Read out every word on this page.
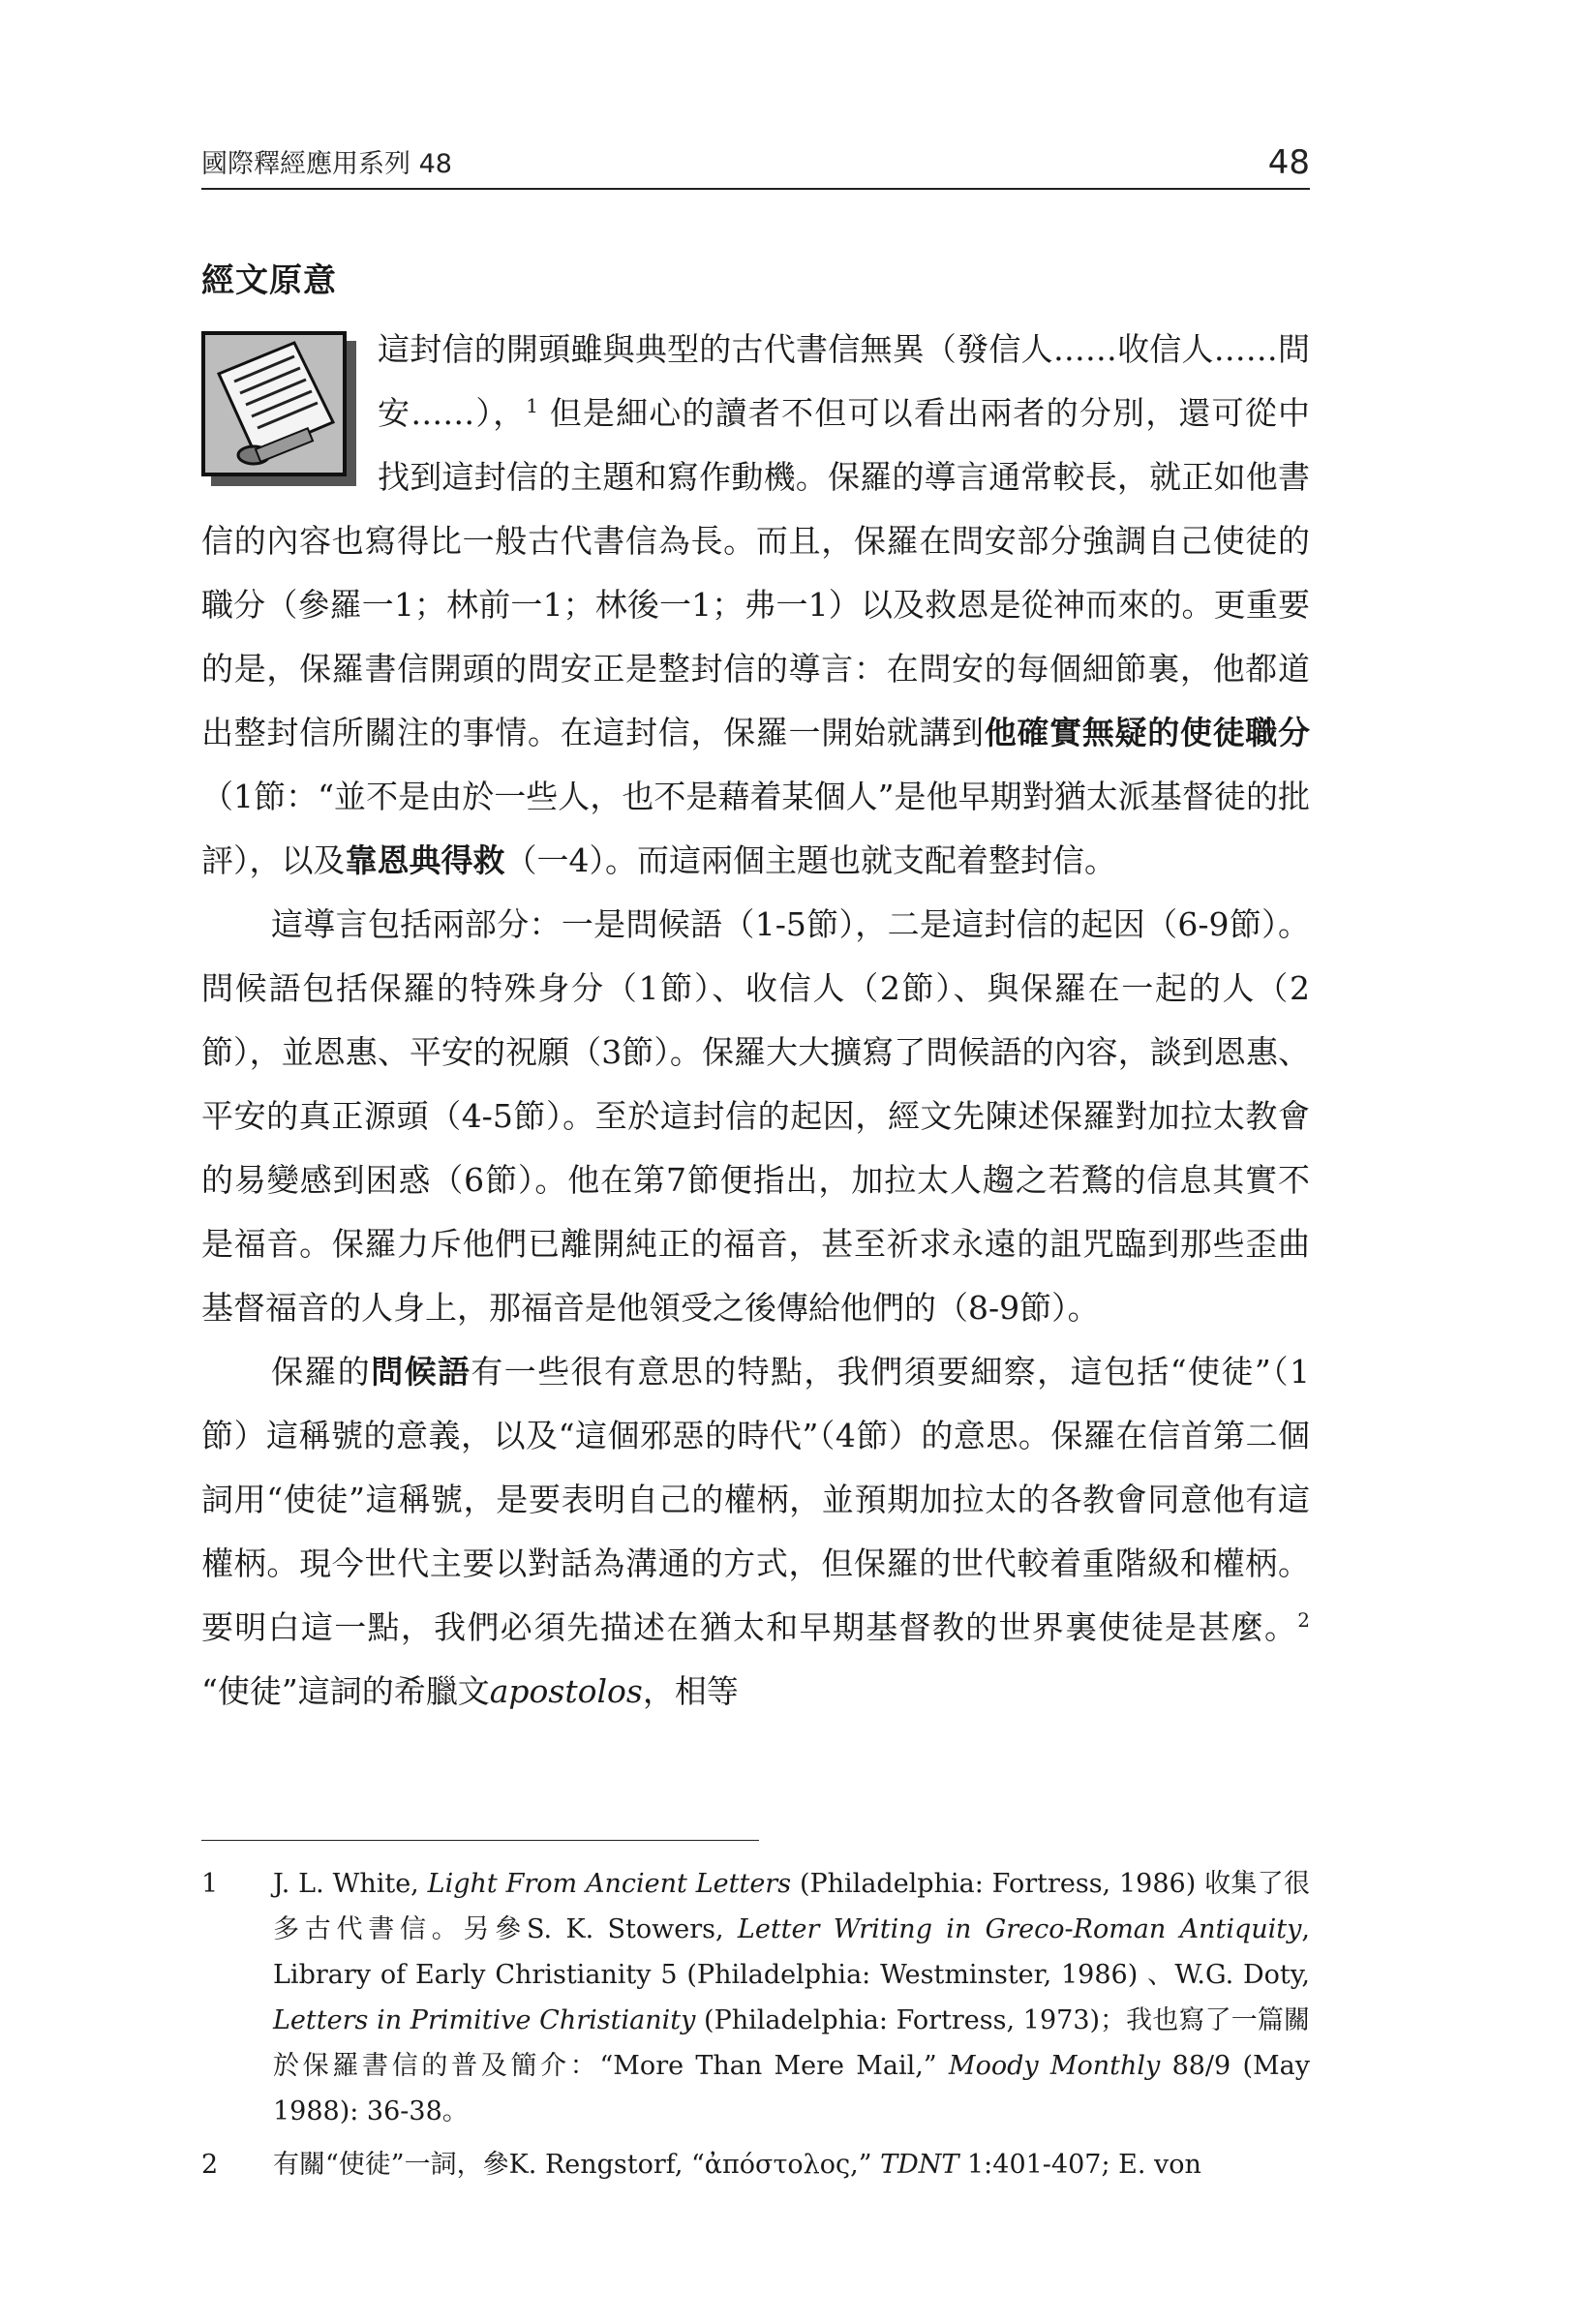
國際釋經應用系列 48	48
經文原意

這封信的開頭雖與典型的古代書信無異（發信人……收信人……問安……），$^1$ 但是細心的讀者不但可以看出兩者的分別，還可從中找到這封信的主題和寫作動機。保羅的導言通常較長，就正如他書信的內容也寫得比一般古代書信為長。而且，保羅在問安部分強調自己使徒的職分（參羅一1；林前一1；林後一1；弗一1）以及救恩是從神而來的。更重要的是，保羅書信開頭的問安正是整封信的導言：在問安的每個細節裏，他都道出整封信所關注的事情。在這封信，保羅一開始就講到他確實無疑的使徒職分（1節：“並不是由於一些人，也不是藉着某個人”是他早期對猶太派基督徒的批評），以及靠恩典得救（一4）。而這兩個主題也就支配着整封信。

這導言包括兩部分：一是問候語（1-5節），二是這封信的起因（6-9節）。問候語包括保羅的特殊身分（1節）、收信人（2節）、與保羅在一起的人（2節），並恩惠、平安的祝願（3節）。保羅大大擴寫了問候語的內容，談到恩惠、平安的真正源頭（4-5節）。至於這封信的起因，經文先陳述保羅對加拉太教會的易變感到困惑（6節）。他在第7節便指出，加拉太人趨之若鶩的信息其實不是福音。保羅力斥他們已離開純正的福音，甚至祈求永遠的詛咒臨到那些歪曲基督福音的人身上，那福音是他領受之後傳給他們的（8-9節）。

保羅的問候語有一些很有意思的特點，我們須要細察，這包括“使徒”（1節）這稱號的意義，以及“這個邪惡的時代”（4節）的意思。保羅在信首第二個詞用“使徒”這稱號，是要表明自己的權柄，並預期加拉太的各教會同意他有這權柄。現今世代主要以對話為溝通的方式，但保羅的世代較着重階級和權柄。要明白這一點，我們必須先描述在猶太和早期基督教的世界裏使徒是甚麼。$^2$ “使徒”這詞的希臘文apostolos，相等

1 J. L. White, Light From Ancient Letters (Philadelphia: Fortress, 1986) 收集了很多古代書信。另參S. K. Stowers, Letter Writing in Greco-Roman Antiquity, Library of Early Christianity 5 (Philadelphia: Westminster, 1986) 、W.G. Doty, Letters in Primitive Christianity (Philadelphia: Fortress, 1973)；我也寫了一篇關於保羅書信的普及簡介：“More Than Mere Mail,” Moody Monthly 88/9 (May 1988): 36-38。
2 有關“使徒”一詞，參K. Rengstorf, “ἀπόστολος,” TDNT 1:401-407; E. von
